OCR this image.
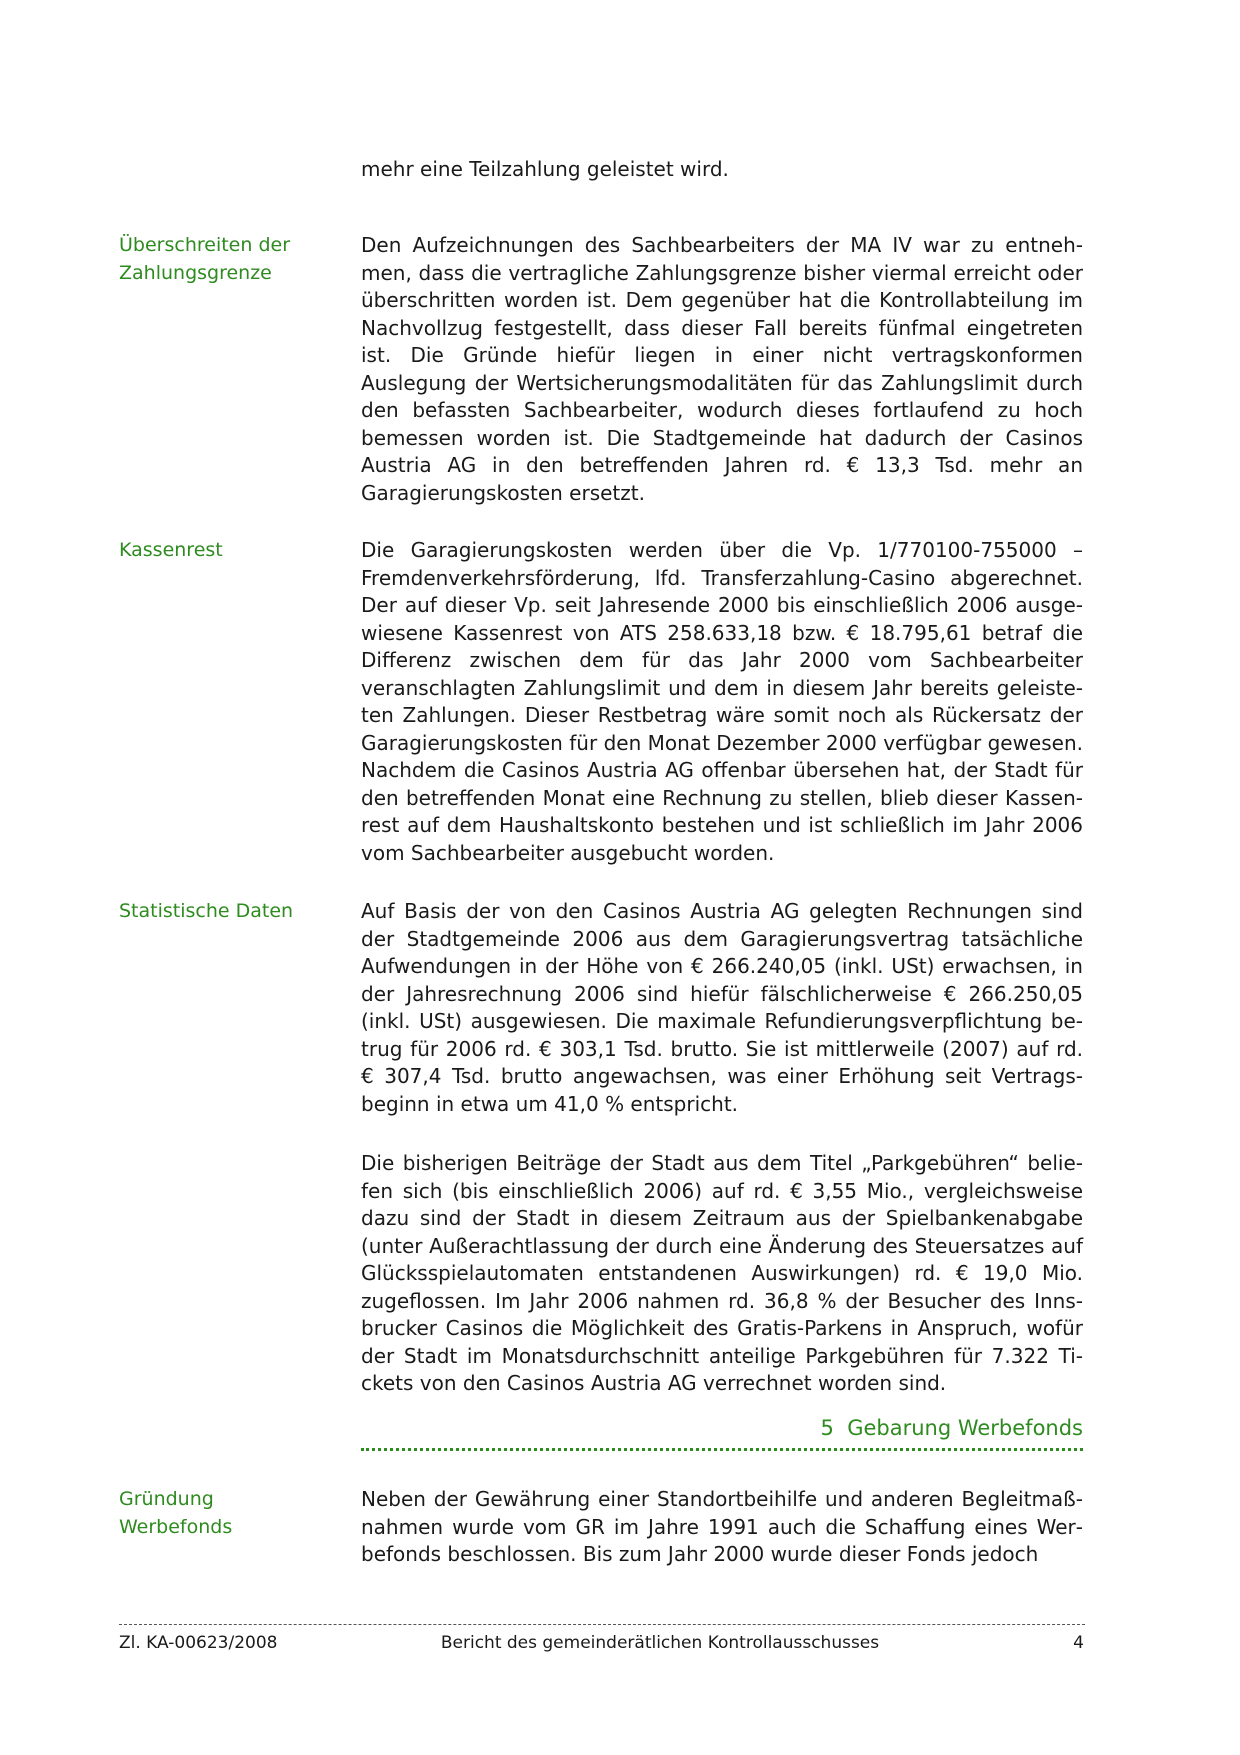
mehr eine Teilzahlung geleistet wird.
Überschreiten der
Zahlungsgrenze
Den Aufzeichnungen des Sachbearbeiters der MA IV war zu entnehmen, dass die vertragliche Zahlungsgrenze bisher viermal erreicht oder überschritten worden ist. Dem gegenüber hat die Kontrollabteilung im Nachvollzug festgestellt, dass dieser Fall bereits fünfmal eingetreten ist. Die Gründe hiefür liegen in einer nicht vertragskonformen Auslegung der Wertsicherungsmodalitäten für das Zahlungslimit durch den befassten Sachbearbeiter, wodurch dieses fortlaufend zu hoch bemessen worden ist. Die Stadtgemeinde hat dadurch der Casinos Austria AG in den betreffenden Jahren rd. € 13,3 Tsd. mehr an Garagierungskosten ersetzt.
Kassenrest	Die Garagierungskosten werden über die Vp. 1/770100-755000 – Fremdenverkehrsförderung, lfd. Transferzahlung-Casino abgerechnet. Der auf dieser Vp. seit Jahresende 2000 bis einschließlich 2006 ausgewiesene Kassenrest von ATS 258.633,18 bzw. € 18.795,61 betraf die Differenz zwischen dem für das Jahr 2000 vom Sachbearbeiter veranschlagten Zahlungslimit und dem in diesem Jahr bereits geleisteten Zahlungen. Dieser Restbetrag wäre somit noch als Rückersatz der Garagierungskosten für den Monat Dezember 2000 verfügbar gewesen. Nachdem die Casinos Austria AG offenbar übersehen hat, der Stadt für den betreffenden Monat eine Rechnung zu stellen, blieb dieser Kassenrest auf dem Haushaltskonto bestehen und ist schließlich im Jahr 2006 vom Sachbearbeiter ausgebucht worden.
Statistische Daten	Auf Basis der von den Casinos Austria AG gelegten Rechnungen sind der Stadtgemeinde 2006 aus dem Garagierungsvertrag tatsächliche Aufwendungen in der Höhe von € 266.240,05 (inkl. USt) erwachsen, in der Jahresrechnung 2006 sind hiefür fälschlicherweise € 266.250,05 (inkl. USt) ausgewiesen. Die maximale Refundierungsverpflichtung betrug für 2006 rd. € 303,1 Tsd. brutto. Sie ist mittlerweile (2007) auf rd. € 307,4 Tsd. brutto angewachsen, was einer Erhöhung seit Vertragsbeginn in etwa um 41,0 % entspricht.
Die bisherigen Beiträge der Stadt aus dem Titel „Parkgebühren“ beliefen sich (bis einschließlich 2006) auf rd. € 3,55 Mio., vergleichsweise dazu sind der Stadt in diesem Zeitraum aus der Spielbankenabgabe (unter Außerachtlassung der durch eine Änderung des Steuersatzes auf Glücksspielautomaten entstandenen Auswirkungen) rd. € 19,0 Mio. zugeflossen. Im Jahr 2006 nahmen rd. 36,8 % der Besucher des Innsbrucker Casinos die Möglichkeit des Gratis-Parkens in Anspruch, wofür der Stadt im Monatsdurchschnitt anteilige Parkgebühren für 7.322 Tickets von den Casinos Austria AG verrechnet worden sind.
5 Gebarung Werbefonds
Gründung
Werbefonds
Neben der Gewährung einer Standortbeihilfe und anderen Begleitmaßnahmen wurde vom GR im Jahre 1991 auch die Schaffung eines Werbefonds beschlossen. Bis zum Jahr 2000 wurde dieser Fonds jedoch
Zl. KA-00623/2008	Bericht des gemeinderätlichen Kontrollausschusses	4
